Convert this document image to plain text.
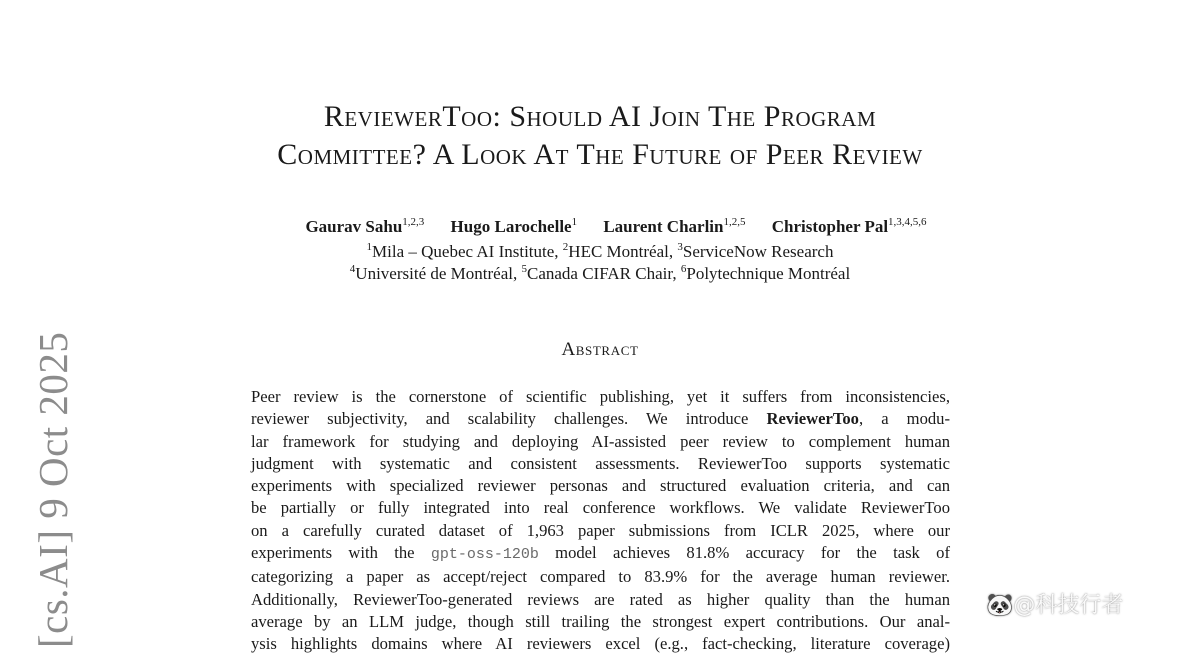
ReviewerToo: Should AI Join The Program
Committee? A Look At The Future of Peer Review
Gaurav Sahu$^{1,2,3}$ Hugo Larochelle$^1$ Laurent Charlin$^{1,2,5}$ Christopher Pal$^{1,3,4,5,6}$
$^1$Mila – Quebec AI Institute, $^2$HEC Montréal, $^3$ServiceNow Research
$^4$Université de Montréal, $^5$Canada CIFAR Chair, $^6$Polytechnique Montréal
Abstract
Peer review is the cornerstone of scientific publishing, yet it suffers from inconsistencies,
reviewer subjectivity, and scalability challenges. We introduce ReviewerToo, a modu-
lar framework for studying and deploying AI-assisted peer review to complement human
judgment with systematic and consistent assessments. ReviewerToo supports systematic
experiments with specialized reviewer personas and structured evaluation criteria, and can
be partially or fully integrated into real conference workflows. We validate ReviewerToo
on a carefully curated dataset of 1,963 paper submissions from ICLR 2025, where our
experiments with the gpt-oss-120b model achieves 81.8% accuracy for the task of
categorizing a paper as accept/reject compared to 83.9% for the average human reviewer.
Additionally, ReviewerToo-generated reviews are rated as higher quality than the human
average by an LLM judge, though still trailing the strongest expert contributions. Our anal-
ysis highlights domains where AI reviewers excel (e.g., fact-checking, literature coverage)
[cs.AI] 9 Oct 2025	🐼@科技行者
